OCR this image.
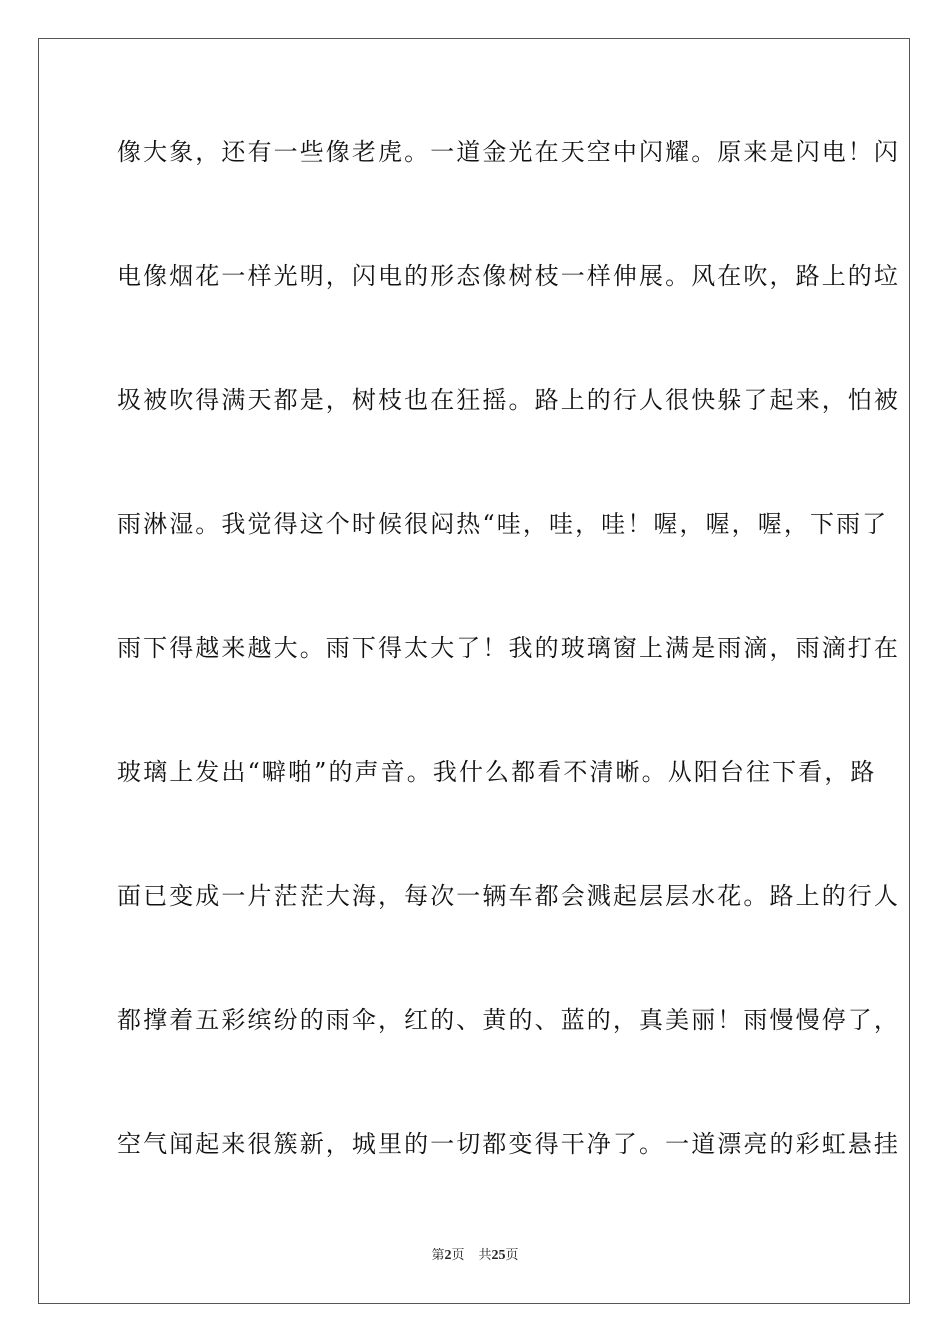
像大象，还有一些像老虎。一道金光在天空中闪耀。原来是闪电！闪
电像烟花一样光明，闪电的形态像树枝一样伸展。风在吹，路上的垃
圾被吹得满天都是，树枝也在狂摇。路上的行人很快躲了起来，怕被
雨淋湿。我觉得这个时候很闷热“哇，哇，哇！喔，喔，喔，下雨了
雨下得越来越大。雨下得太大了！我的玻璃窗上满是雨滴，雨滴打在
玻璃上发出“噼啪”的声音。我什么都看不清晰。从阳台往下看，路
面已变成一片茫茫大海，每次一辆车都会溅起层层水花。路上的行人
都撑着五彩缤纷的雨伞，红的、黄的、蓝的，真美丽！雨慢慢停了，
空气闻起来很簇新，城里的一切都变得干净了。一道漂亮的彩虹悬挂
第2页 共25页
